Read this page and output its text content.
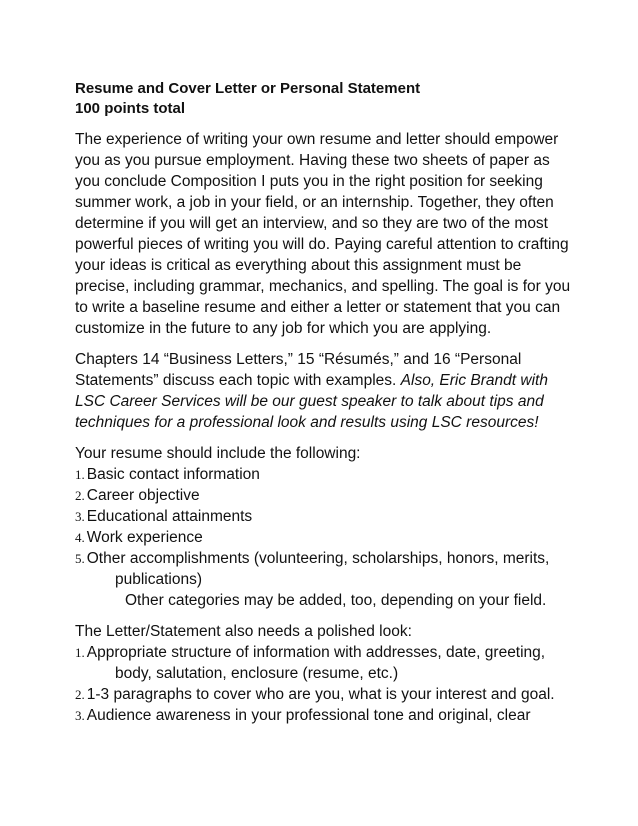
Resume and Cover Letter or Personal Statement
100 points total

The experience of writing your own resume and letter should empower you as you pursue employment. Having these two sheets of paper as you conclude Composition I puts you in the right position for seeking summer work, a job in your field, or an internship. Together, they often determine if you will get an interview, and so they are two of the most powerful pieces of writing you will do. Paying careful attention to crafting your ideas is critical as everything about this assignment must be precise, including grammar, mechanics, and spelling. The goal is for you to write a baseline resume and either a letter or statement that you can customize in the future to any job for which you are applying.

Chapters 14 “Business Letters,” 15 “Résumés,” and 16 “Personal Statements” discuss each topic with examples. Also, Eric Brandt with LSC Career Services will be our guest speaker to talk about tips and techniques for a professional look and results using LSC resources!

Your resume should include the following:

1. Basic contact information
2. Career objective
3. Educational attainments
4. Work experience
5. Other accomplishments (volunteering, scholarships, honors, merits,
publications)
Other categories may be added, too, depending on your field.

The Letter/Statement also needs a polished look:

1. Appropriate structure of information with addresses, date, greeting,
body, salutation, enclosure (resume, etc.)
2. 1-3 paragraphs to cover who are you, what is your interest and goal.
3. Audience awareness in your professional tone and original, clear
